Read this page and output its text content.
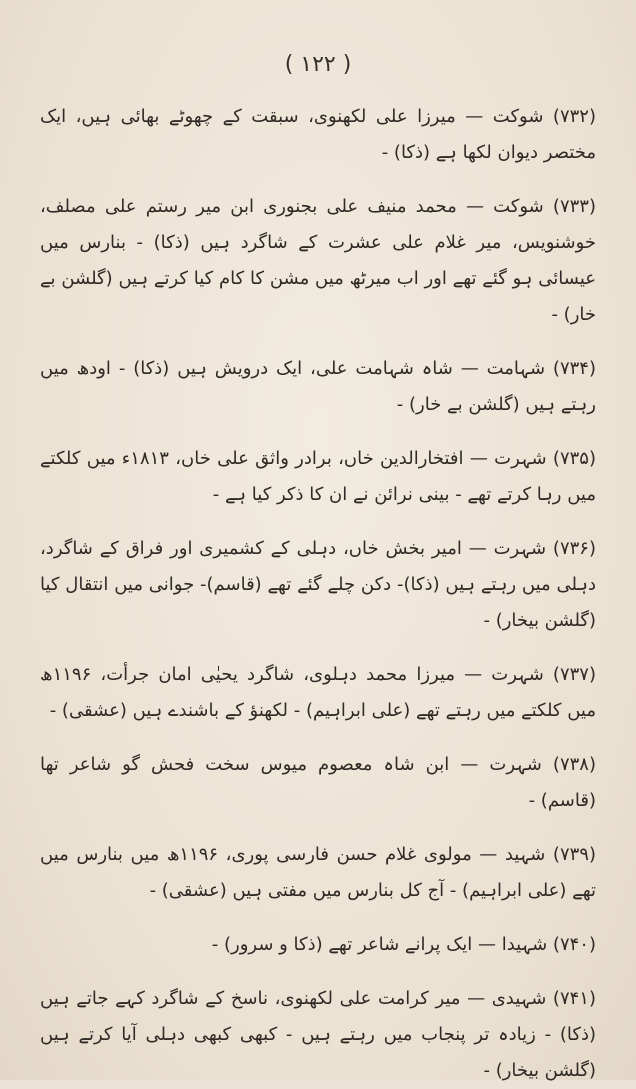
( ۱۲۲ )

(۷۳۲) شوکت — میرزا علی لکھنوی، سبقت کے چھوٹے بھائی ہیں، ایک مختصر دیوان لکھا ہے (ذکا) -

(۷۳۳) شوکت — محمد منیف علی بجنوری ابن میر رستم علی مصلف، خوشنویس، میر غلام علی عشرت کے شاگرد ہیں (ذکا) - بنارس میں عیسائی ہو گئے تھے اور اب میرٹھ میں مشن کا کام کیا کرتے ہیں (گلشن بے خار) -

(۷۳۴) شہامت — شاہ شہامت علی، ایک درویش ہیں (ذکا) - اودھ میں رہتے ہیں (گلشن بے خار) -

(۷۳۵) شہرت — افتخارالدین خاں، برادر واثق علی خاں، ۱۸۱۳ء میں کلکتے میں رہا کرتے تھے - بینی نرائن نے ان کا ذکر کیا ہے -

(۷۳۶) شہرت — امیر بخش خاں، دہلی کے کشمیری اور فراق کے شاگرد، دہلی میں رہتے ہیں (ذکا)- دکن چلے گئے تھے (قاسم)- جوانی میں انتقال کیا (گلشن بیخار) -

(۷۳۷) شہرت — میرزا محمد دہلوی، شاگرد یحیٰی امان جرأت، ۱۱۹۶ھ میں کلکتے میں رہتے تھے (علی ابراہیم) - لکھنؤ کے باشندے ہیں (عشقی) -

(۷۳۸) شہرت — ابن شاہ معصوم میوس سخت فحش گو شاعر تھا (قاسم) -

(۷۳۹) شہید — مولوی غلام حسن فارسی پوری، ۱۱۹۶ھ میں بنارس میں تھے (علی ابراہیم) - آج کل بنارس میں مفتی ہیں (عشقی) -

(۷۴۰) شہیدا — ایک پرانے شاعر تھے (ذکا و سرور) -

(۷۴۱) شہیدی — میر کرامت علی لکھنوی، ناسخ کے شاگرد کہے جاتے ہیں (ذکا) - زیادہ تر پنجاب میں رہتے ہیں - کبھی کبھی دہلی آیا کرتے ہیں (گلشن بیخار) -
